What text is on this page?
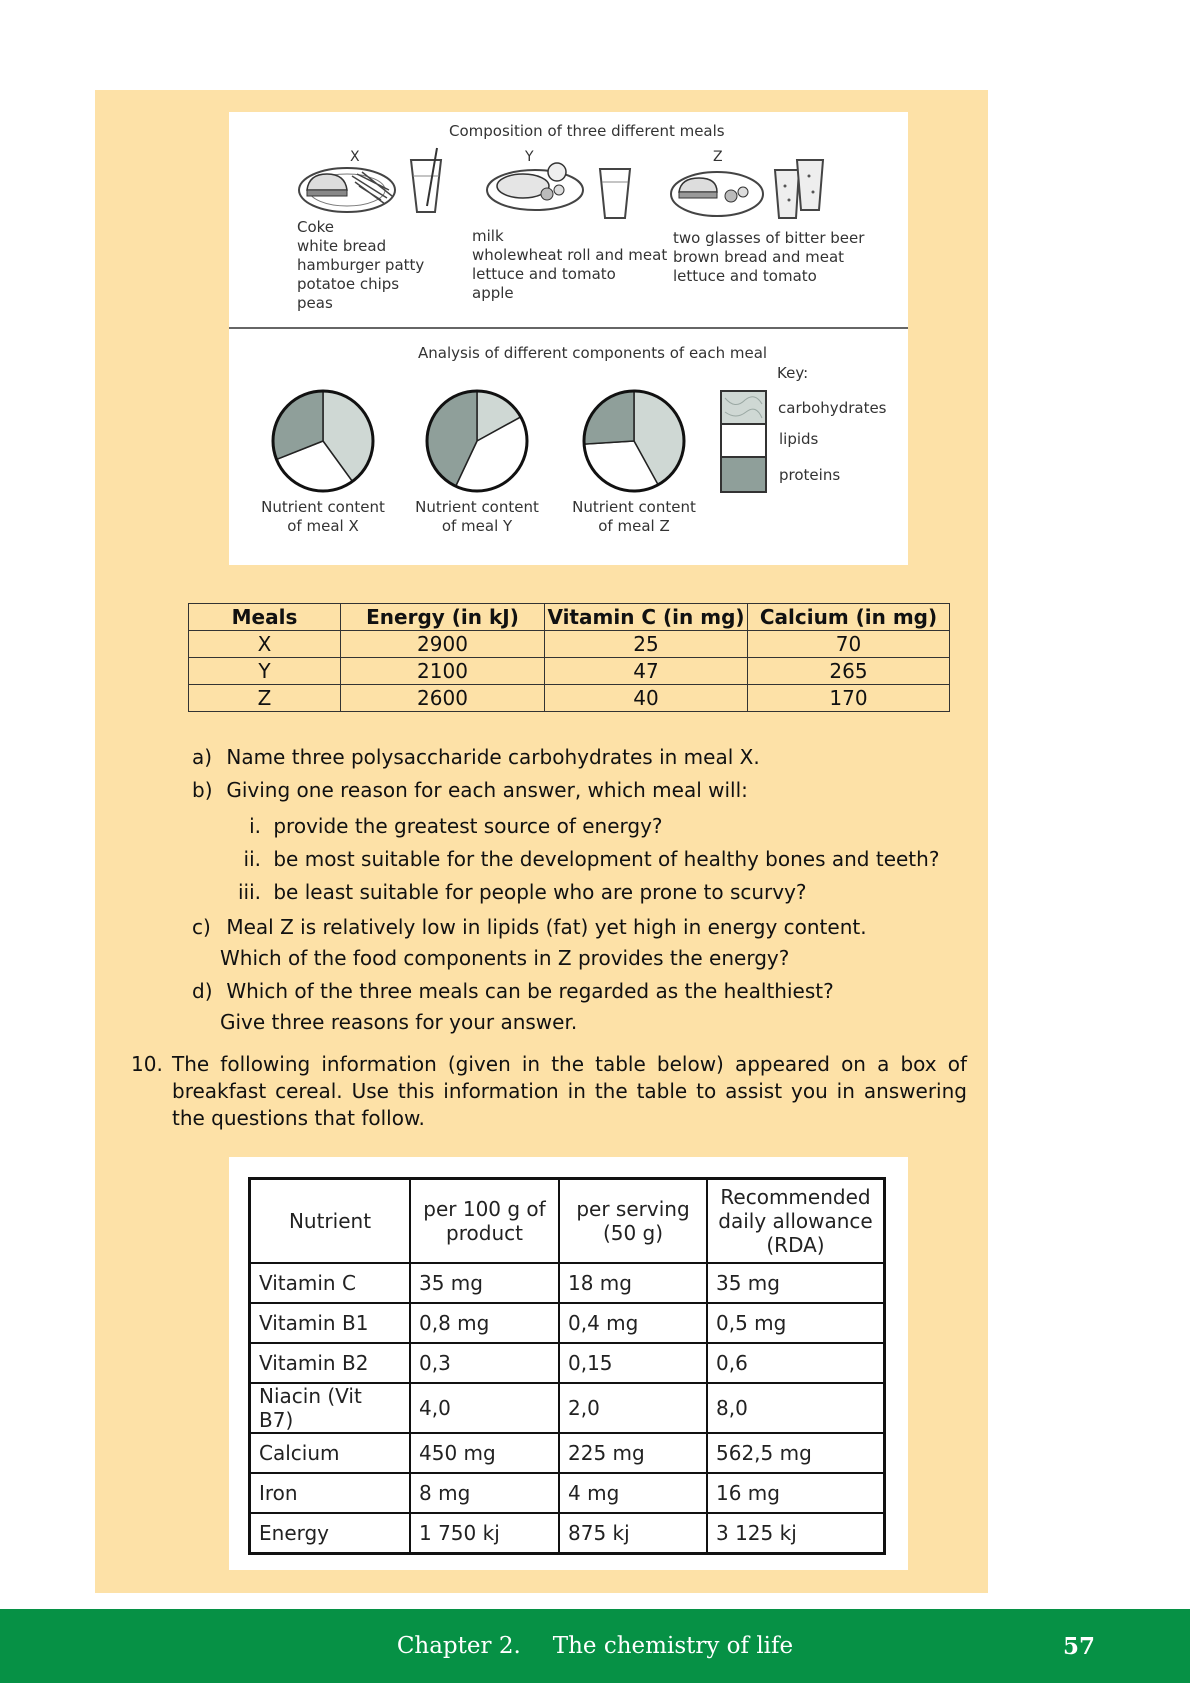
Composition of three different meals
X	Y	Z
Coke
white bread
hamburger patty
potatoe chips
peas
milk
wholewheat roll and meat
lettuce and tomato
apple
two glasses of bitter beer
brown bread and meat
lettuce and tomato
Analysis of different components of each meal
Nutrient content
of meal X
Nutrient content
of meal Y
Nutrient content
of meal Z
Key:
carbohydrates
lipids
proteins
Meals	Energy (in kJ)	Vitamin C (in mg)	Calcium (in mg)
X	2900	25	70
Y	2100	47	265
Z	2600	40	170
a) Name three polysaccharide carbohydrates in meal X.
b) Giving one reason for each answer, which meal will:
i. provide the greatest source of energy?
ii. be most suitable for the development of healthy bones and teeth?
iii. be least suitable for people who are prone to scurvy?
c) Meal Z is relatively low in lipids (fat) yet high in energy content.
Which of the food components in Z provides the energy?
d) Which of the three meals can be regarded as the healthiest?
Give three reasons for your answer.
10. The following information (given in the table below) appeared on a box of breakfast cereal. Use this information in the table to assist you in answering the questions that follow.
Nutrient	per 100 g of product	per serving (50 g)	Recommended daily allowance (RDA)
Vitamin C	35 mg	18 mg	35 mg
Vitamin B1	0,8 mg	0,4 mg	0,5 mg
Vitamin B2	0,3	0,15	0,6
Niacin (Vit B7)	4,0	2,0	8,0
Calcium	450 mg	225 mg	562,5 mg
Iron	8 mg	4 mg	16 mg
Energy	1 750 kj	875 kj	3 125 kj
Chapter 2. The chemistry of life	57
